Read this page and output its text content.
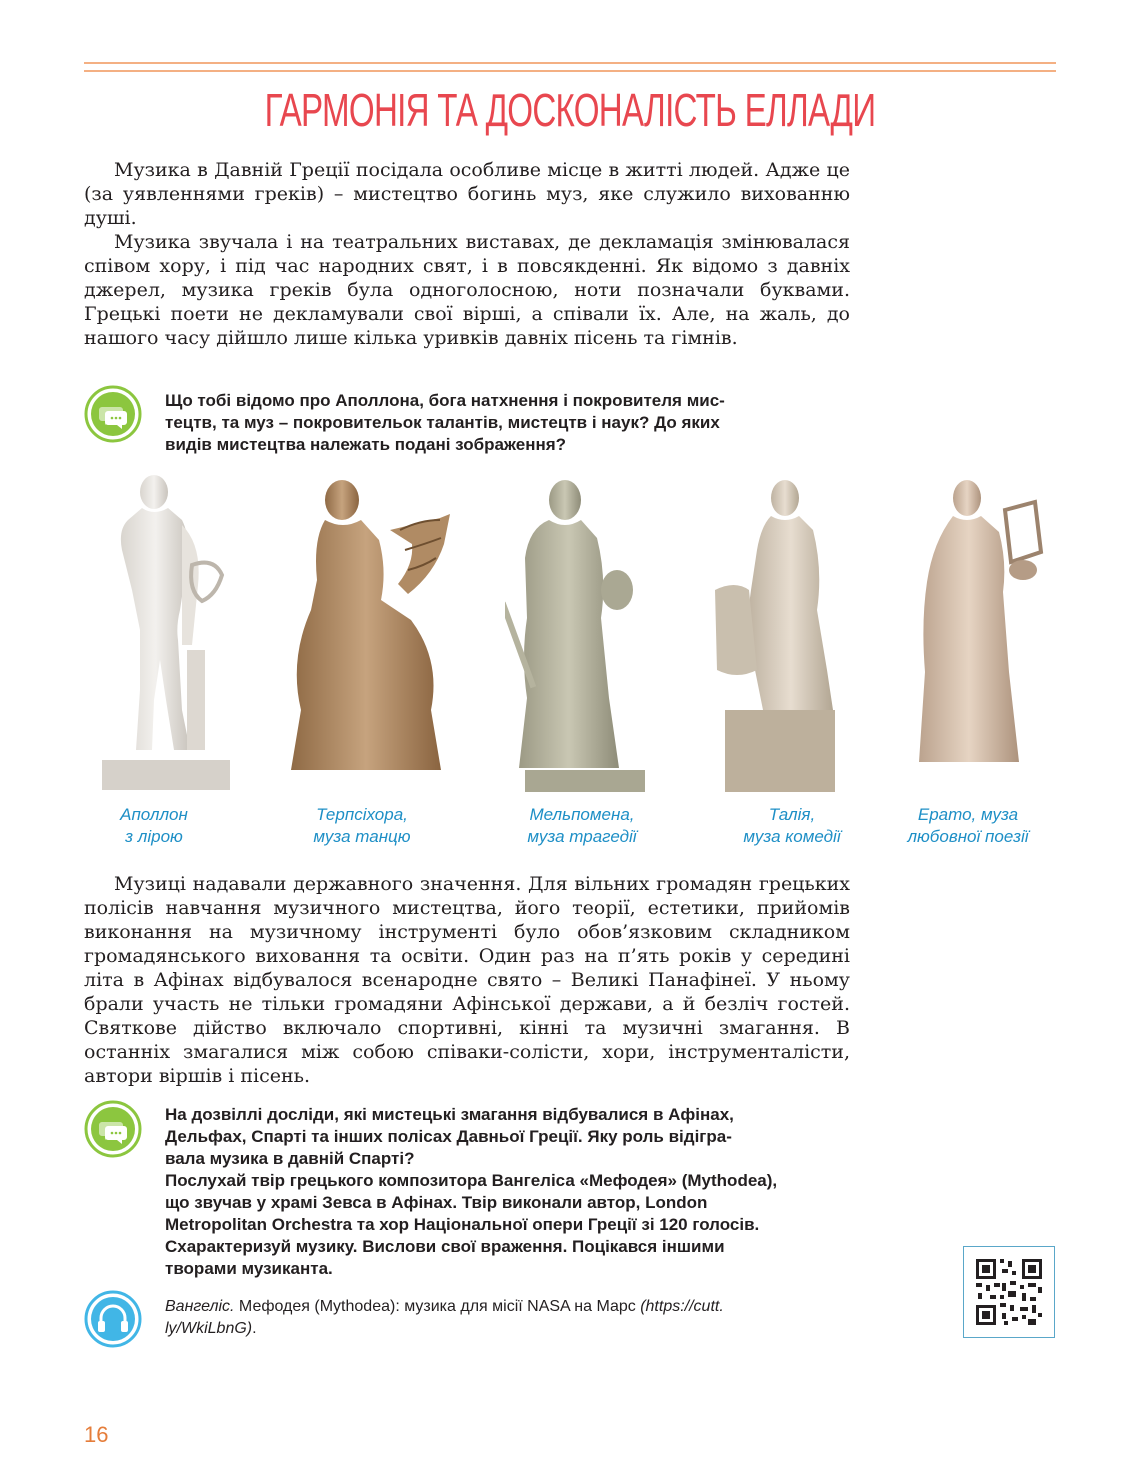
ГАРМОНІЯ ТА ДОСКОНАЛІСТЬ ЕЛЛАДИ

Музика в Давній Греції посідала особливе місце в житті людей. Адже це (за уявленнями греків) – мистецтво богинь муз, яке служило вихованню душі.

Музика звучала і на театральних виставах, де декламація змінювалася співом хору, і під час народних свят, і в повсякденні. Як відомо з давніх джерел, музика греків була одноголосною, ноти позначали буквами. Грецькі поети не декламували свої вірші, а співали їх. Але, на жаль, до нашого часу дійшло лише кілька уривків давніх пісень та гімнів.

Що тобі відомо про Аполлона, бога натхнення і покровителя мис-
тецтв, та муз – покровительок талантів, мистецтв і наук? До яких
видів мистецтва належать подані зображення?
Аполлон
з лірою
Терпсіхора,
муза танцю
Мельпомена,
муза трагедії
Талія,
муза комедії
Ерато, муза
любовної поезії

Музиці надавали державного значення. Для вільних громадян грецьких полісів навчання музичного мистецтва, його теорії, естетики, прийомів виконання на музичному інструменті було обов’язковим складником громадянського виховання та освіти. Один раз на п’ять років у середині літа в Афінах відбувалося всенародне свято – Великі Панафінеї. У ньому брали участь не тільки громадяни Афінської держави, а й безліч гостей. Святкове дійство включало спортивні, кінні та музичні змагання. В останніх змагалися між собою співаки-солісти, хори, інструменталісти, автори віршів і пісень.

На дозвіллі досліди, які мистецькі змагання відбувалися в Афінах,
Дельфах, Спарті та інших полісах Давньої Греції. Яку роль відігра-
вала музика в давній Спарті?
Послухай твір грецького композитора Вангеліса «Мефодея» (Mythodea),
що звучав у храмі Зевса в Афінах. Твір виконали автор, London
Metropolitan Orchestra та хор Національної опери Греції зі 120 голосів.
Схарактеризуй музику. Вислови свої враження. Поцікався іншими
творами музиканта.
Вангеліс. Мефодея (Mythodea): музика для місії NASA на Марс (https://cutt.
ly/WkiLbnG).
16
